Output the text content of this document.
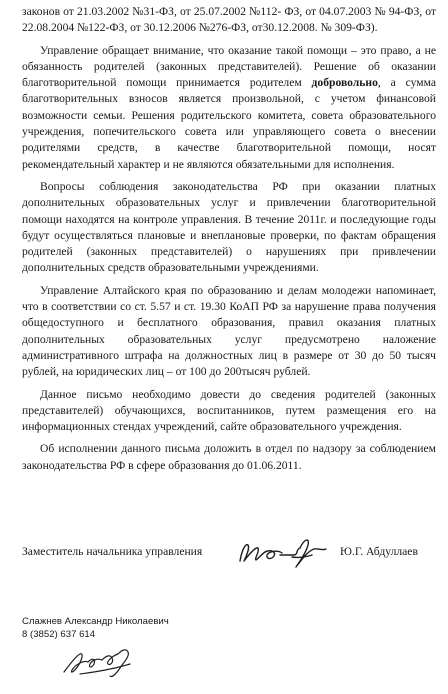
законов от 21.03.2002 №31-ФЗ, от 25.07.2002 №112- ФЗ, от 04.07.2003 № 94-ФЗ, от 22.08.2004 №122-ФЗ, от 30.12.2006 №276-ФЗ, от30.12.2008. № 309-ФЗ).

Управление обращает внимание, что оказание такой помощи – это право, а не обязанность родителей (законных представителей). Решение об оказании благотворительной помощи принимается родителем добровольно, а сумма благотворительных взносов является произвольной, с учетом финансовой возможности семьи. Решения родительского комитета, совета образовательного учреждения, попечительского совета или управляющего совета о внесении родителями средств, в качестве благотворительной помощи, носят рекомендательный характер и не являются обязательными для исполнения.

Вопросы соблюдения законодательства РФ при оказании платных дополнительных образовательных услуг и привлечении благотворительной помощи находятся на контроле управления. В течение 2011г. и последующие годы будут осуществляться плановые и внеплановые проверки, по фактам обращения родителей (законных представителей) о нарушениях при привлечении дополнительных средств образовательными учреждениями.

Управление Алтайского края по образованию и делам молодежи напоминает, что в соответствии со ст. 5.57 и ст. 19.30 КоАП РФ за нарушение права получения общедоступного и бесплатного образования, правил оказания платных дополнительных образовательных услуг предусмотрено наложение административного штрафа на должностных лиц в размере от 30 до 50 тысяч рублей, на юридических лиц – от 100 до 200тысяч рублей.

Данное письмо необходимо довести до сведения родителей (законных представителей) обучающихся, воспитанников, путем размещения его на информационных стендах учреждений, сайте образовательного учреждения.

Об исполнении данного письма доложить в отдел по надзору за соблюдением законодательства РФ в сфере образования до 01.06.2011.

Заместитель начальника управления	Ю.Г. Абдуллаев
Слажнев Александр Николаевич
8 (3852) 637 614
